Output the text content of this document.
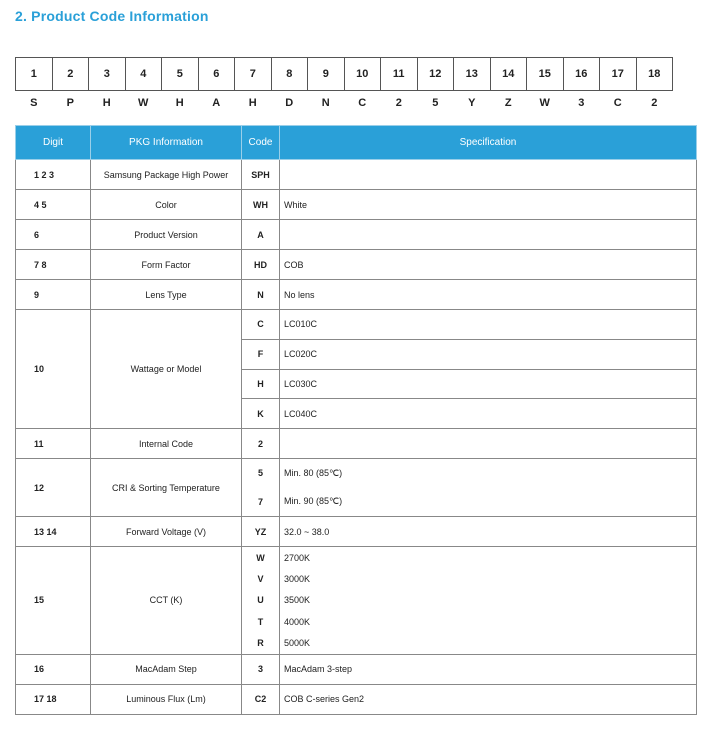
2. Product Code Information
1	2	3	4	5	6	7	8	9	10	11	12	13	14	15	16	17	18
S	P	H	W	H	A	H	D	N	C	2	5	Y	Z	W	3	C	2
Digit	PKG Information	Code	Specification
1 2 3	Samsung Package High Power	SPH	
4 5	Color	WH	White
6	Product Version	A	
7 8	Form Factor	HD	COB
9	Lens Type	N	No lens
10	Wattage or Model	C	LC010C
		F	LC020C
		H	LC030C
		K	LC040C
11	Internal Code	2	
12	CRI & Sorting Temperature	5	Min. 80 (85℃)
		7	Min. 90 (85℃)
13 14	Forward Voltage (V)	YZ	32.0 ~ 38.0
15	CCT (K)	W	2700K
		V	3000K
		U	3500K
		T	4000K
		R	5000K
16	MacAdam Step	3	MacAdam 3-step
17 18	Luminous Flux (Lm)	C2	COB C-series Gen2
